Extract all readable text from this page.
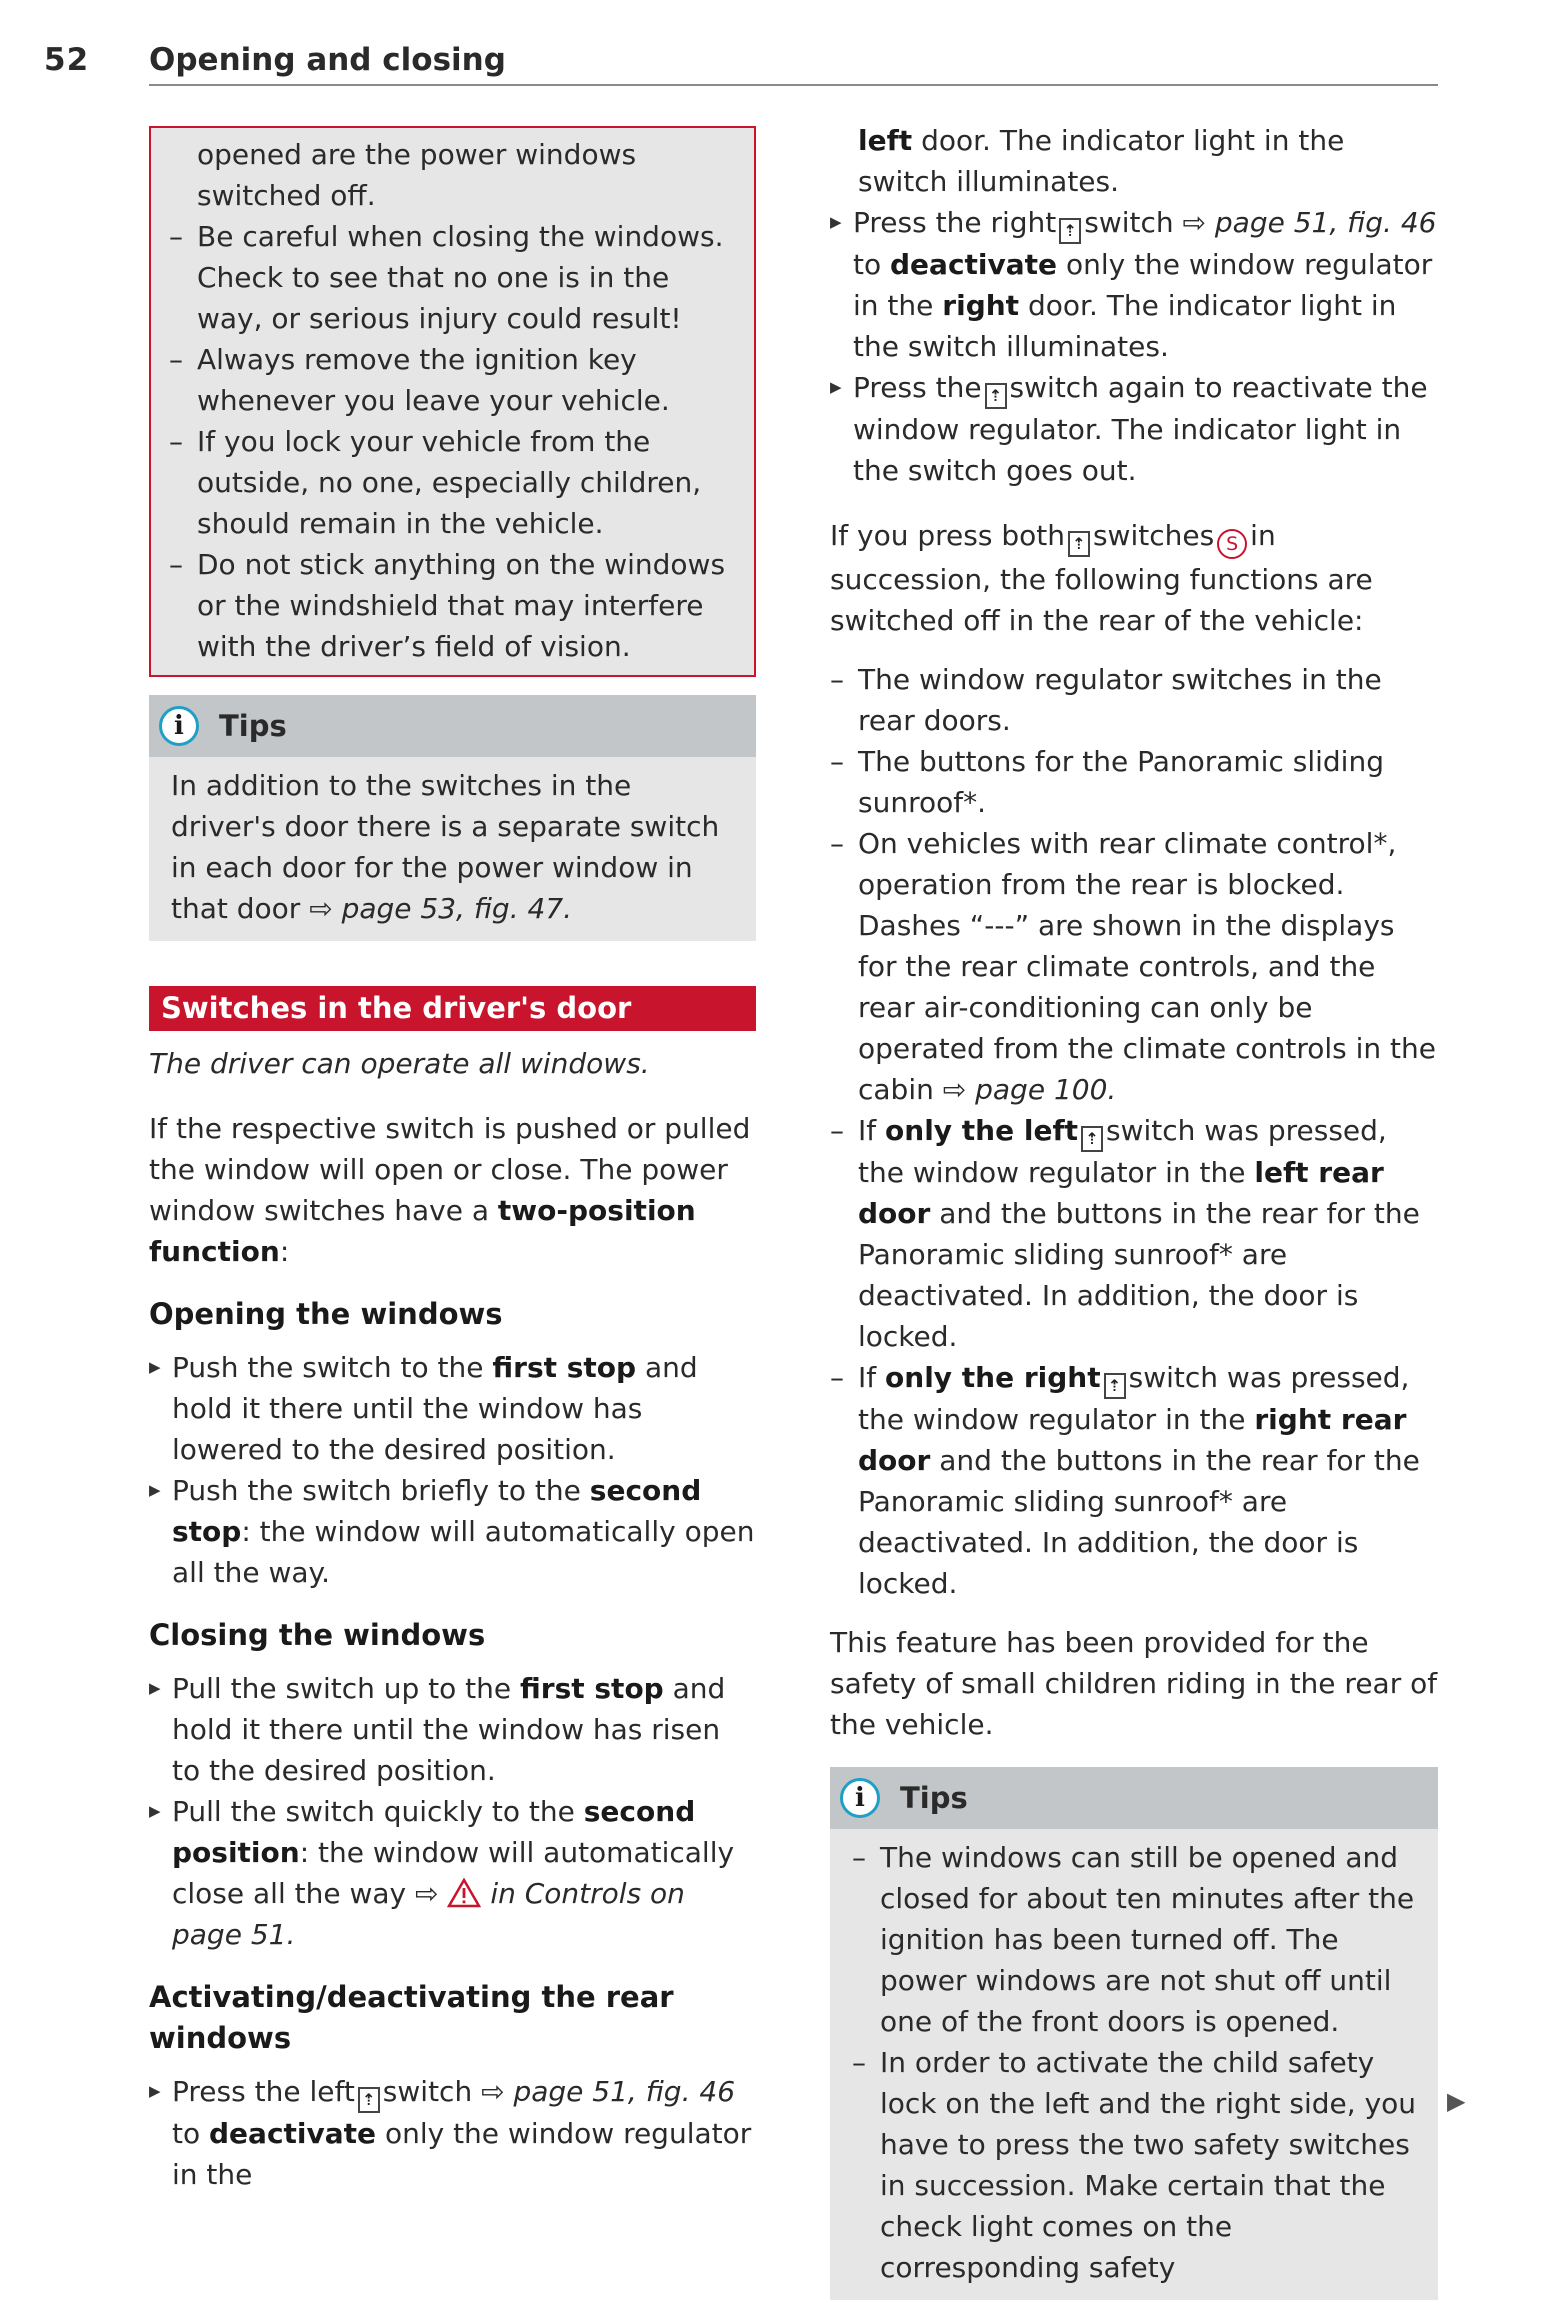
52 Opening and closing

opened are the power windows switched off.

– Be careful when closing the windows. Check to see that no one is in the way, or serious injury could result!

– Always remove the ignition key whenever you leave your vehicle.

– If you lock your vehicle from the outside, no one, especially children, should remain in the vehicle.

– Do not stick anything on the windows or the windshield that may interfere with the driver’s field of vision.

i	Tips
In addition to the switches in the driver's door there is a separate switch in each door for the power window in that door ⇨ page 53, fig. 47.
Switches in the driver's door

The driver can operate all windows.

If the respective switch is pushed or pulled the window will open or close. The power window switches have a two-position function:

Opening the windows

▶ Push the switch to the first stop and hold it there until the window has lowered to the desired position.

▶ Push the switch briefly to the second stop: the window will automatically open all the way.

Closing the windows

▶ Pull the switch up to the first stop and hold it there until the window has risen to the desired position.

▶ Pull the switch quickly to the second position: the window will automatically close all the way ⇨ in Controls on page 51.

Activating/deactivating the rear windows

▶ Press the left ⇡ switch ⇨ page 51, fig. 46 to deactivate only the window regulator in the

left door. The indicator light in the switch illuminates.

▶ Press the right ⇡ switch ⇨ page 51, fig. 46 to deactivate only the window regulator in the right door. The indicator light in the switch illuminates.

▶ Press the ⇡ switch again to reactivate the window regulator. The indicator light in the switch goes out.

If you press both ⇡ switches S in succession, the following functions are switched off in the rear of the vehicle:

– The window regulator switches in the rear doors.

– The buttons for the Panoramic sliding sunroof*.

– On vehicles with rear climate control*, operation from the rear is blocked. Dashes “---” are shown in the displays for the rear climate controls, and the rear air-conditioning can only be operated from the climate controls in the cabin ⇨ page 100.

– If only the left ⇡ switch was pressed, the window regulator in the left rear door and the buttons in the rear for the Panoramic sliding sunroof* are deactivated. In addition, the door is locked.

– If only the right ⇡ switch was pressed, the window regulator in the right rear door and the buttons in the rear for the Panoramic sliding sunroof* are deactivated. In addition, the door is locked.

This feature has been provided for the safety of small children riding in the rear of the vehicle.

i	Tips

– The windows can still be opened and closed for about ten minutes after the ignition has been turned off. The power windows are not shut off until one of the front doors is opened.

– In order to activate the child safety lock on the left and the right side, you have to press the two safety switches in succession. Make certain that the check light comes on the corresponding safety

▶
